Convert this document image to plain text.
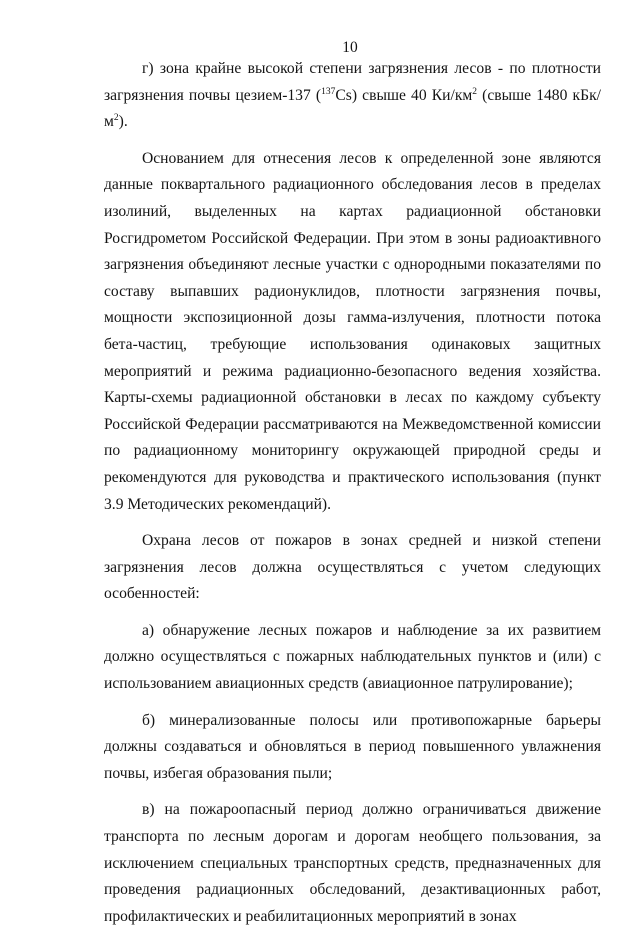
10

г) зона крайне высокой степени загрязнения лесов - по плотности загрязнения почвы цезием-137 ($^{137}$Cs) свыше 40 $Ки/км^2$ (свыше 1480 кБк/$м^2$).

Основанием для отнесения лесов к определенной зоне являются данные поквартального радиационного обследования лесов в пределах изолиний, выделенных на картах радиационной обстановки Росгидрометом Российской Федерации. При этом в зоны радиоактивного загрязнения объединяют лесные участки с однородными показателями по составу выпавших радионуклидов, плотности загрязнения почвы, мощности экспозиционной дозы гамма-излучения, плотности потока бета-частиц, требующие использования одинаковых защитных мероприятий и режима радиационно-безопасного ведения хозяйства. Карты-схемы радиационной обстановки в лесах по каждому субъекту Российской Федерации рассматриваются на Межведомственной комиссии по радиационному мониторингу окружающей природной среды и рекомендуются для руководства и практического использования (пункт 3.9 Методических рекомендаций).

Охрана лесов от пожаров в зонах средней и низкой степени загрязнения лесов должна осуществляться с учетом следующих особенностей:

а) обнаружение лесных пожаров и наблюдение за их развитием должно осуществляться с пожарных наблюдательных пунктов и (или) с использованием авиационных средств (авиационное патрулирование);

б) минерализованные полосы или противопожарные барьеры должны создаваться и обновляться в период повышенного увлажнения почвы, избегая образования пыли;

в) на пожароопасный период должно ограничиваться движение транспорта по лесным дорогам и дорогам необщего пользования, за исключением специальных транспортных средств, предназначенных для проведения радиационных обследований, дезактивационных работ, профилактических и реабилитационных мероприятий в зонах
